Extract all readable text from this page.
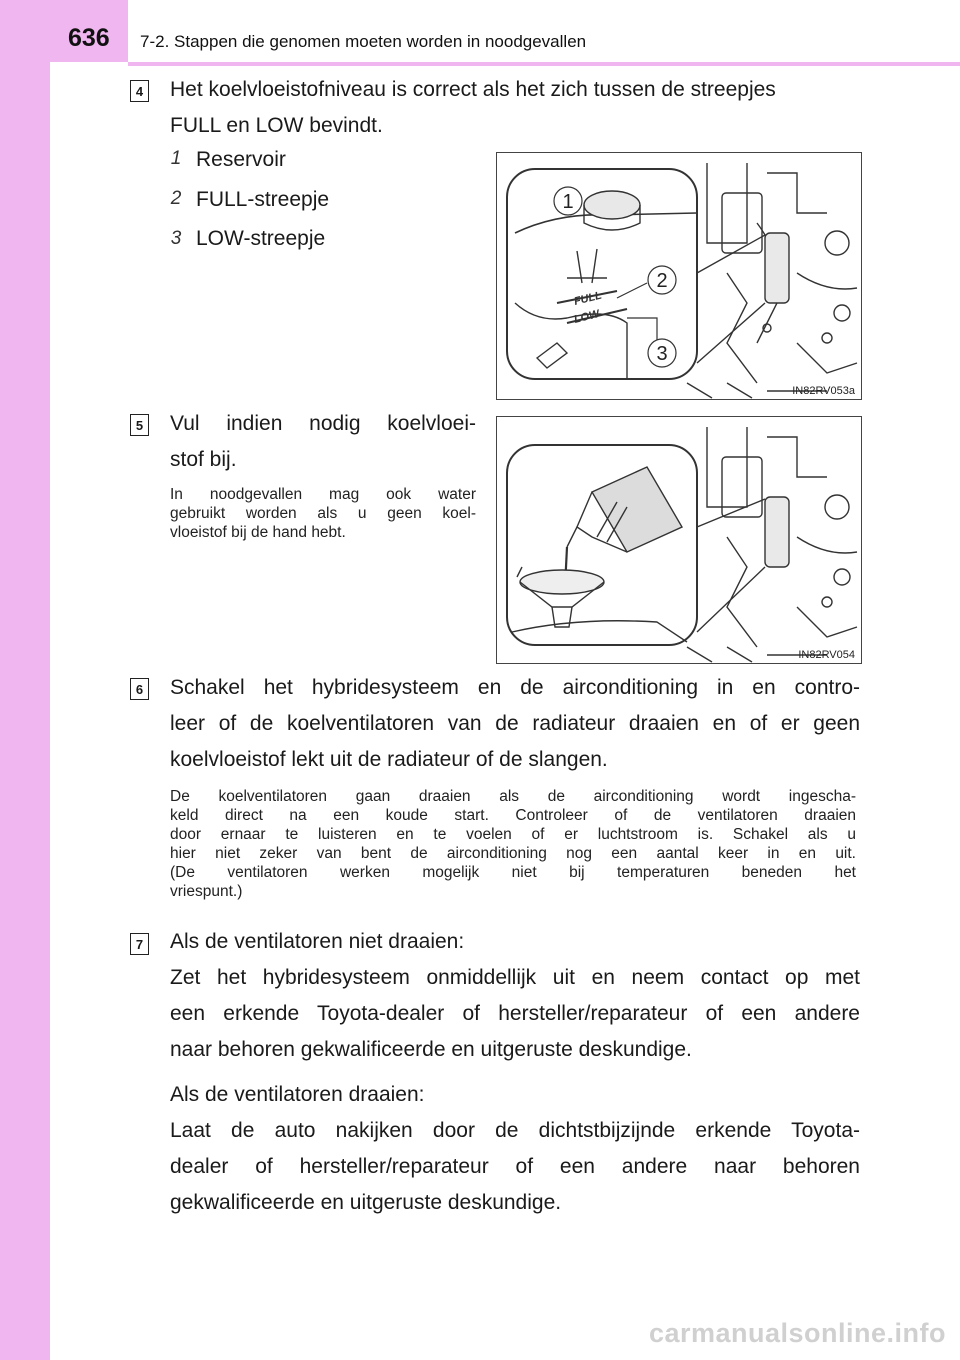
636 7-2. Stappen die genomen moeten worden in noodgevallen
4 Het koelvloeistofniveau is correct als het zich tussen de streepjes
FULL en LOW bevindt.
1 Reservoir
2 FULL-streepje
3 LOW-streepje
FULL
LOW
1
2
3
IN82RV053a
5 Vul indien nodig koelvloei-
stof bij.
In noodgevallen mag ook water
gebruikt worden als u geen koel-
vloeistof bij de hand hebt.
IN82RV054
6 Schakel het hybridesysteem en de airconditioning in en contro-
leer of de koelventilatoren van de radiateur draaien en of er geen
koelvloeistof lekt uit de radiateur of de slangen.
De koelventilatoren gaan draaien als de airconditioning wordt ingescha-
keld direct na een koude start. Controleer of de ventilatoren draaien
door ernaar te luisteren en te voelen of er luchtstroom is. Schakel als u
hier niet zeker van bent de airconditioning nog een aantal keer in en uit.
(De ventilatoren werken mogelijk niet bij temperaturen beneden het
vriespunt.)
7 Als de ventilatoren niet draaien:
Zet het hybridesysteem onmiddellijk uit en neem contact op met
een erkende Toyota-dealer of hersteller/reparateur of een andere
naar behoren gekwalificeerde en uitgeruste deskundige.
Als de ventilatoren draaien:
Laat de auto nakijken door de dichtstbijzijnde erkende Toyota-
dealer of hersteller/reparateur of een andere naar behoren
gekwalificeerde en uitgeruste deskundige.
carmanualsonline.info
